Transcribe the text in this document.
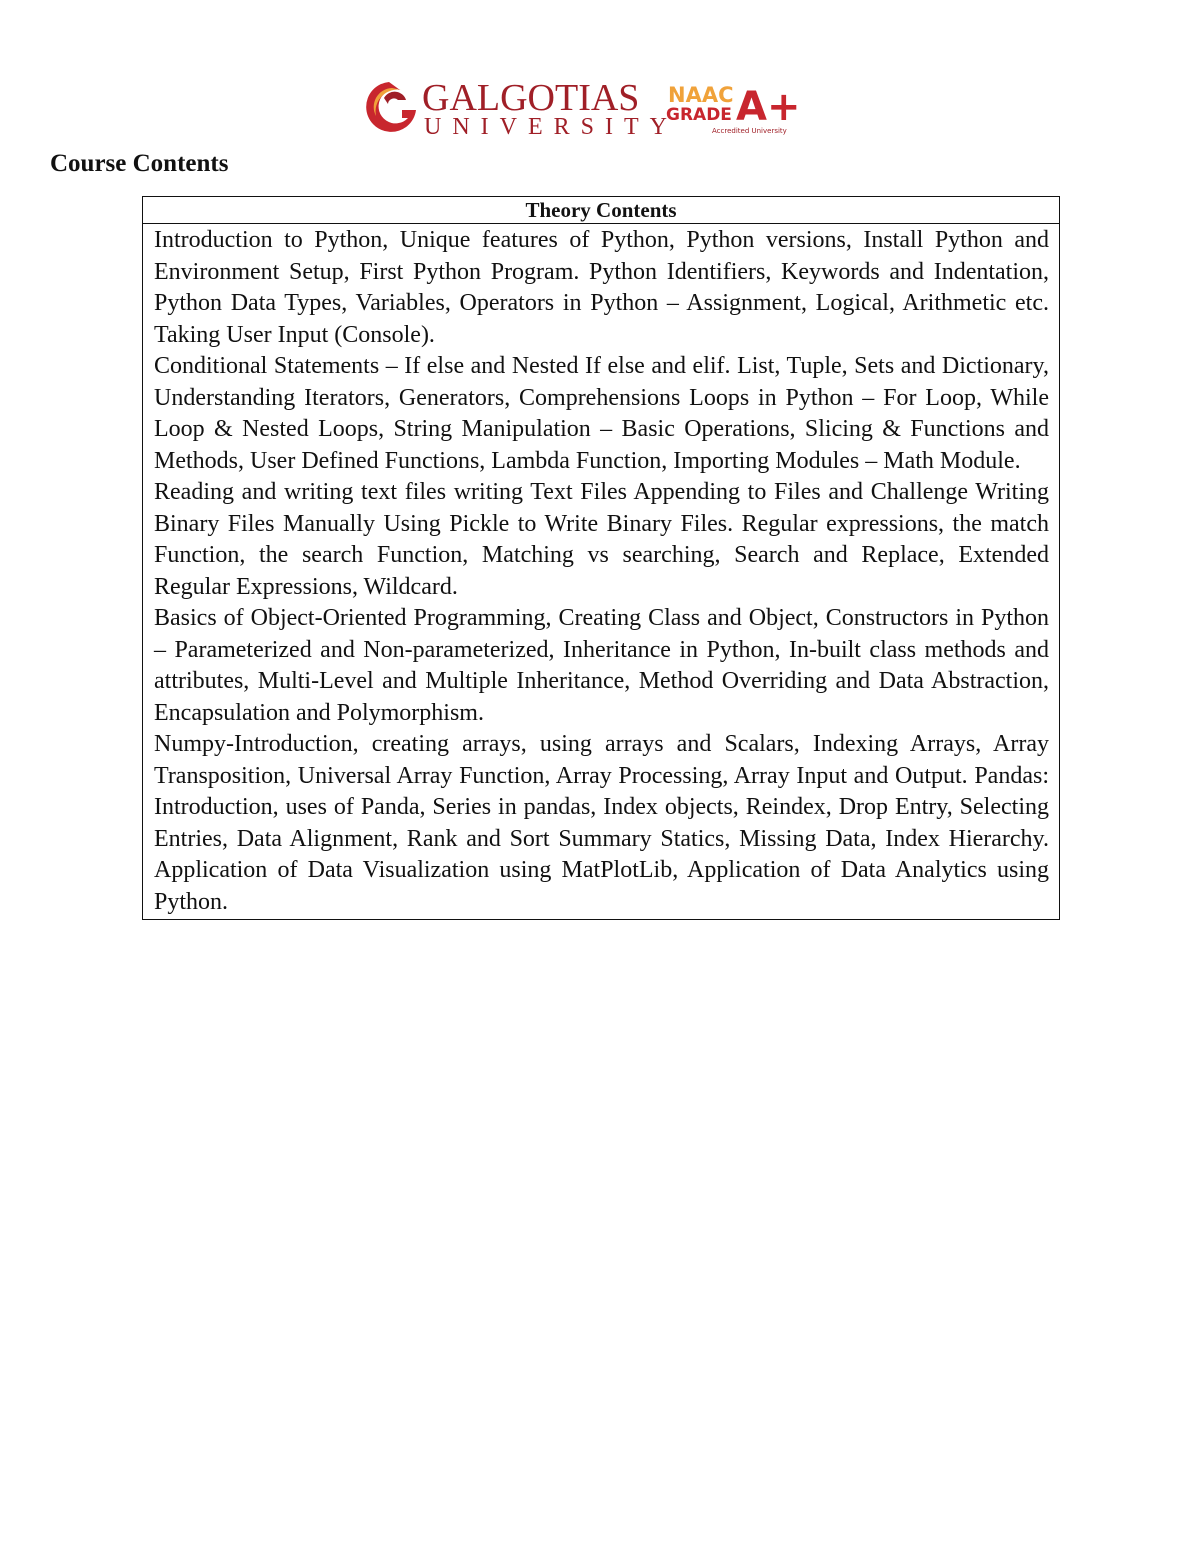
GALGOTIAS
UNIVERSITY
NAAC
GRADE A+
Accredited University
Course Contents
Theory Contents

Introduction to Python, Unique features of Python, Python versions, Install Python and Environment Setup, First Python Program. Python Identifiers, Keywords and Indentation, Python Data Types, Variables, Operators in Python – Assignment, Logical, Arithmetic etc. Taking User Input (Console).

Conditional Statements – If else and Nested If else and elif. List, Tuple, Sets and Dictionary, Understanding Iterators, Generators, Comprehensions Loops in Python – For Loop, While Loop & Nested Loops, String Manipulation – Basic Operations, Slicing & Functions and Methods, User Defined Functions, Lambda Function, Importing Modules – Math Module.

Reading and writing text files writing Text Files Appending to Files and Challenge Writing Binary Files Manually Using Pickle to Write Binary Files. Regular expressions, the match Function, the search Function, Matching vs searching, Search and Replace, Extended Regular Expressions, Wildcard.

Basics of Object-Oriented Programming, Creating Class and Object, Constructors in Python – Parameterized and Non-parameterized, Inheritance in Python, In-built class methods and attributes, Multi-Level and Multiple Inheritance, Method Overriding and Data Abstraction, Encapsulation and Polymorphism.

Numpy-Introduction, creating arrays, using arrays and Scalars, Indexing Arrays, Array Transposition, Universal Array Function, Array Processing, Array Input and Output. Pandas: Introduction, uses of Panda, Series in pandas, Index objects, Reindex, Drop Entry, Selecting Entries, Data Alignment, Rank and Sort Summary Statics, Missing Data, Index Hierarchy. Application of Data Visualization using MatPlotLib, Application of Data Analytics using Python.
